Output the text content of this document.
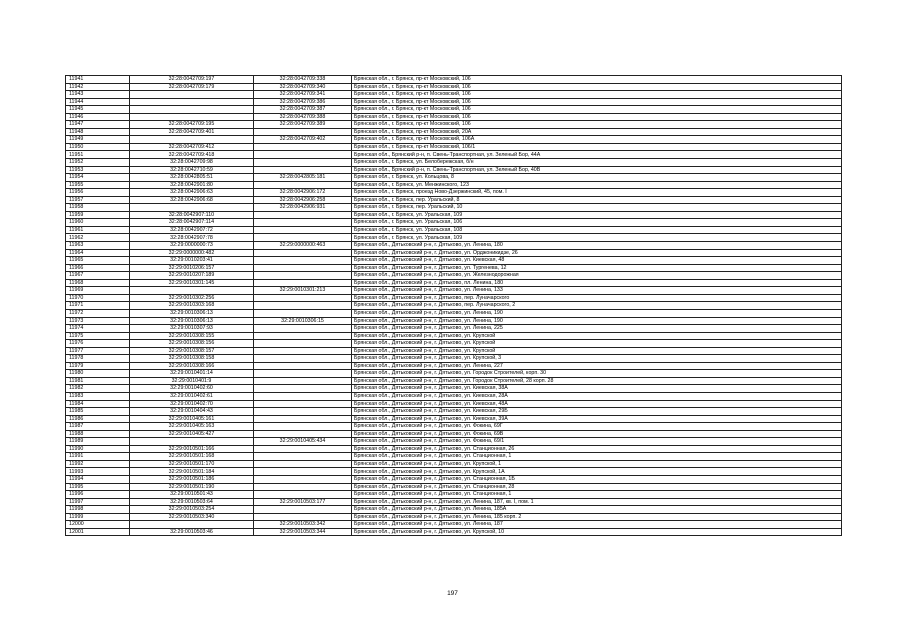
11941	32:28:0042709:197	32:28:0042709:338	Брянская обл., г. Брянск, пр-кт Московский, 106
11942	32:28:0042709:179	32:28:0042709:340	Брянская обл., г. Брянск, пр-кт Московский, 106
11943		32:28:0042709:341	Брянская обл., г. Брянск, пр-кт Московский, 106
11944		32:28:0042709:386	Брянская обл., г. Брянск, пр-кт Московский, 106
11945		32:28:0042709:387	Брянская обл., г. Брянск, пр-кт Московский, 106
11946		32:28:0042709:388	Брянская обл., г. Брянск, пр-кт Московский, 106
11947	32:28:0042709:195	32:28:0042709:389	Брянская обл., г. Брянск, пр-кт Московский, 106
11948	32:28:0042709:401		Брянская обл., г. Брянск, пр-кт Московский, 20А
11949		32:28:0042709:402	Брянская обл., г. Брянск, пр-кт Московский, 106А
11950	32:28:0042709:412		Брянская обл., г. Брянск, пр-кт Московский, 106/1
11951	32:28:0042709:418		Брянская обл., Брянский р-н, п. Свень-Транспортная, ул. Зеленый Бор, 44А
11952	32:28:0042709:98		Брянская обл., г. Брянск, ул. Белобережская, б/н
11953	32:28:0042710:59		Брянская обл., Брянский р-н, п. Свень-Транспортная, ул. Зеленый Бор, 40В
11954	32:28:0042805:51	32:28:0042805:181	Брянская обл., г. Брянск, ул. Кольцова, 8
11955	32:28:0042901:80		Брянская обл., г. Брянск, ул. Менжинского, 123
11956	32:28:0042906:63	32:28:0042906:172	Брянская обл., г. Брянск, проезд Ново-Дзержинский, 45, пом. I
11957	32:28:0042906:68	32:28:0042906:258	Брянская обл., г. Брянск, пер. Уральский, 8
11958		32:28:0042906:931	Брянская обл., г. Брянск, пер. Уральский, 10
11959	32:28:0042907:110		Брянская обл., г. Брянск, ул. Уральская, 109
11960	32:28:0042907:114		Брянская обл., г. Брянск, ул. Уральская, 106
11961	32:28:0042907:72		Брянская обл., г. Брянск, ул. Уральская, 108
11962	32:28:0042907:78		Брянская обл., г. Брянск, ул. Уральская, 109
11963	32:29:0000000:73	32:29:0000000:463	Брянская обл., Дятьковский р-н, г. Дятьково, ул. Ленина, 180
11964	32:29:0000000:482		Брянская обл., Дятьковский р-н, г. Дятьково, ул. Орджоникидзе, 26
11965	32:29:0010203:41		Брянская обл., Дятьковский р-н, г. Дятьково, ул. Киевская, 48
11966	32:29:0010206:157		Брянская обл., Дятьковский р-н, г. Дятьково, ул. Тургенева, 12
11967	32:29:0010207:189		Брянская обл., Дятьковский р-н, г. Дятьково, ул. Железнодорожная
11968	32:29:0010301:145		Брянская обл., Дятьковский р-н, г. Дятьково, пл. Ленина, 180
11969		32:29:0010301:213	Брянская обл., Дятьковский р-н, г. Дятьково, ул. Ленина, 133
11970	32:29:0010302:256		Брянская обл., Дятьковский р-н, г. Дятьково, пер. Луначарского
11971	32:29:0010303:168		Брянская обл., Дятьковский р-н, г. Дятьково, пер. Луначарского, 2
11972	32:29:0010306:13		Брянская обл., Дятьковский р-н, г. Дятьково, ул. Ленина, 190
11973	32:29:0010306:13	32:29:0010306:15	Брянская обл., Дятьковский р-н, г. Дятьково, ул. Ленина, 190
11974	32:29:0010307:93		Брянская обл., Дятьковский р-н, г. Дятьково, ул. Ленина, 225
11975	32:29:0010308:155		Брянская обл., Дятьковский р-н, г. Дятьково, ул. Крупской
11976	32:29:0010308:156		Брянская обл., Дятьковский р-н, г. Дятьково, ул. Крупской
11977	32:29:0010308:157		Брянская обл., Дятьковский р-н, г. Дятьково, ул. Крупской
11978	32:29:0010308:158		Брянская обл., Дятьковский р-н, г. Дятьково, ул. Крупской, 3
11979	32:29:0010308:166		Брянская обл., Дятьковский р-н, г. Дятьково, ул. Ленина, 227
11980	32:29:0010401:14		Брянская обл., Дятьковский р-н, г. Дятьково, ул. Городок Строителей, корп. 30
11981	32:29:0010401:9		Брянская обл., Дятьковский р-н, г. Дятьково, ул. Городок Строителей, 28 корп. 28
11982	32:29:0010402:60		Брянская обл., Дятьковский р-н, г. Дятьково, ул. Киевская, 38А
11983	32:29:0010402:61		Брянская обл., Дятьковский р-н, г. Дятьково, ул. Киевская, 28А
11984	32:29:0010402:70		Брянская обл., Дятьковский р-н, г. Дятьково, ул. Киевская, 48А
11985	32:29:0010404:43		Брянская обл., Дятьковский р-н, г. Дятьково, ул. Киевская, 29Б
11986	32:29:0010405:161		Брянская обл., Дятьковский р-н, г. Дятьково, ул. Киевская, 39А
11987	32:29:0010405:163		Брянская обл., Дятьковский р-н, г. Дятьково, ул. Фокина, 69Г
11988	32:29:0010405:427		Брянская обл., Дятьковский р-н, г. Дятьково, ул. Фокина, 69В
11989		32:29:0010405:434	Брянская обл., Дятьковский р-н, г. Дятьково, ул. Фокина, 69/1
11990	32:29:0010501:166		Брянская обл., Дятьковский р-н, г. Дятьково, ул. Станционная, 26
11991	32:29:0010501:168		Брянская обл., Дятьковский р-н, г. Дятьково, ул. Станционная, 1
11992	32:29:0010501:170		Брянская обл., Дятьковский р-н, г. Дятьково, ул. Крупской, 1
11993	32:29:0010501:184		Брянская обл., Дятьковский р-н, г. Дятьково, ул. Крупской, 1А
11994	32:29:0010501:186		Брянская обл., Дятьковский р-н, г. Дятьково, ул. Станционная, 1Б
11995	32:29:0010501:190		Брянская обл., Дятьковский р-н, г. Дятьково, ул. Станционная, 28
11996	32:29:0010501:43		Брянская обл., Дятьковский р-н, г. Дятьково, ул. Станционная, 1
11997	32:29:0010503:64	32:29:0010503:177	Брянская обл., Дятьковский р-н, г. Дятьково, ул. Ленина, 187, кв. I, пом. 1
11998	32:29:0010503:254		Брянская обл., Дятьковский р-н, г. Дятьково, ул. Ленина, 185А
11999	32:29:0010503:340		Брянская обл., Дятьковский р-н, г. Дятьково, ул. Ленина, 185 корп. 2
12000		32:29:0010503:342	Брянская обл., Дятьковский р-н, г. Дятьково, ул. Ленина, 187
12001	32:29:0010503:46	32:29:0010503:344	Брянская обл., Дятьковский р-н, г. Дятьково, ул. Крупской, 10
197
